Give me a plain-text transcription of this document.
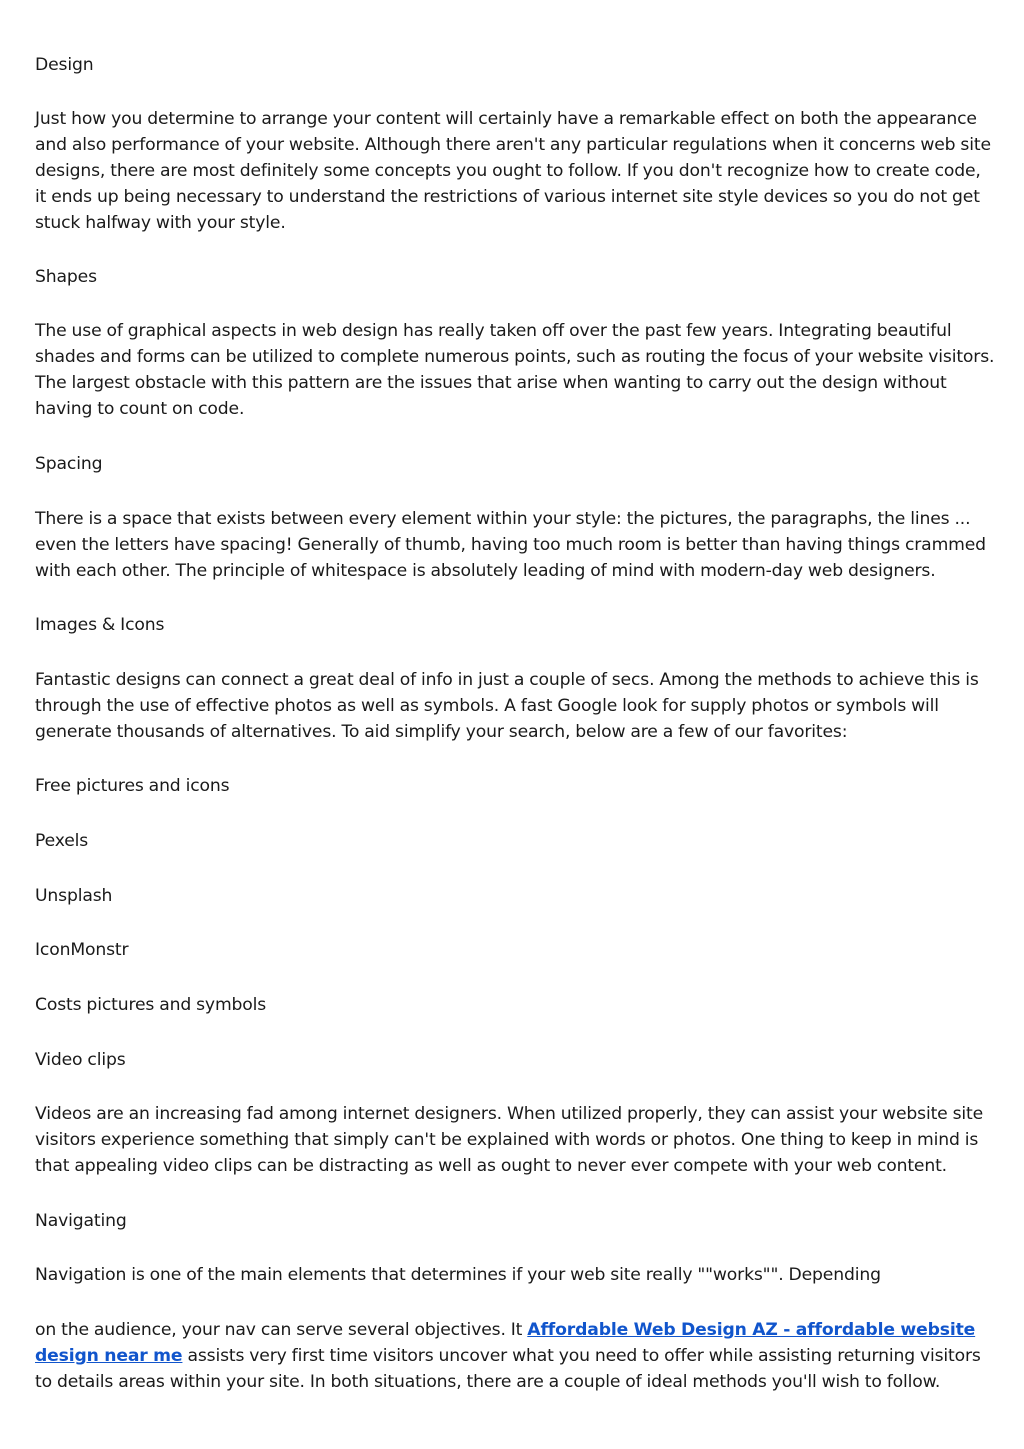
Design

Just how you determine to arrange your content will certainly have a remarkable effect on both the appearance and also performance of your website. Although there aren't any particular regulations when it concerns web site designs, there are most definitely some concepts you ought to follow. If you don't recognize how to create code, it ends up being necessary to understand the restrictions of various internet site style devices so you do not get stuck halfway with your style.

Shapes

The use of graphical aspects in web design has really taken off over the past few years. Integrating beautiful shades and forms can be utilized to complete numerous points, such as routing the focus of your website visitors. The largest obstacle with this pattern are the issues that arise when wanting to carry out the design without having to count on code.

Spacing

There is a space that exists between every element within your style: the pictures, the paragraphs, the lines ... even the letters have spacing! Generally of thumb, having too much room is better than having things crammed with each other. The principle of whitespace is absolutely leading of mind with modern-day web designers.

Images & Icons

Fantastic designs can connect a great deal of info in just a couple of secs. Among the methods to achieve this is through the use of effective photos as well as symbols. A fast Google look for supply photos or symbols will generate thousands of alternatives. To aid simplify your search, below are a few of our favorites:

Free pictures and icons

Pexels

Unsplash

IconMonstr

Costs pictures and symbols

Video clips

Videos are an increasing fad among internet designers. When utilized properly, they can assist your website site visitors experience something that simply can't be explained with words or photos. One thing to keep in mind is that appealing video clips can be distracting as well as ought to never ever compete with your web content.

Navigating

Navigation is one of the main elements that determines if your web site really ""works"". Depending

on the audience, your nav can serve several objectives. It Affordable Web Design AZ - affordable website design near me assists very first time visitors uncover what you need to offer while assisting returning visitors to details areas within your site. In both situations, there are a couple of ideal methods you'll wish to follow.
